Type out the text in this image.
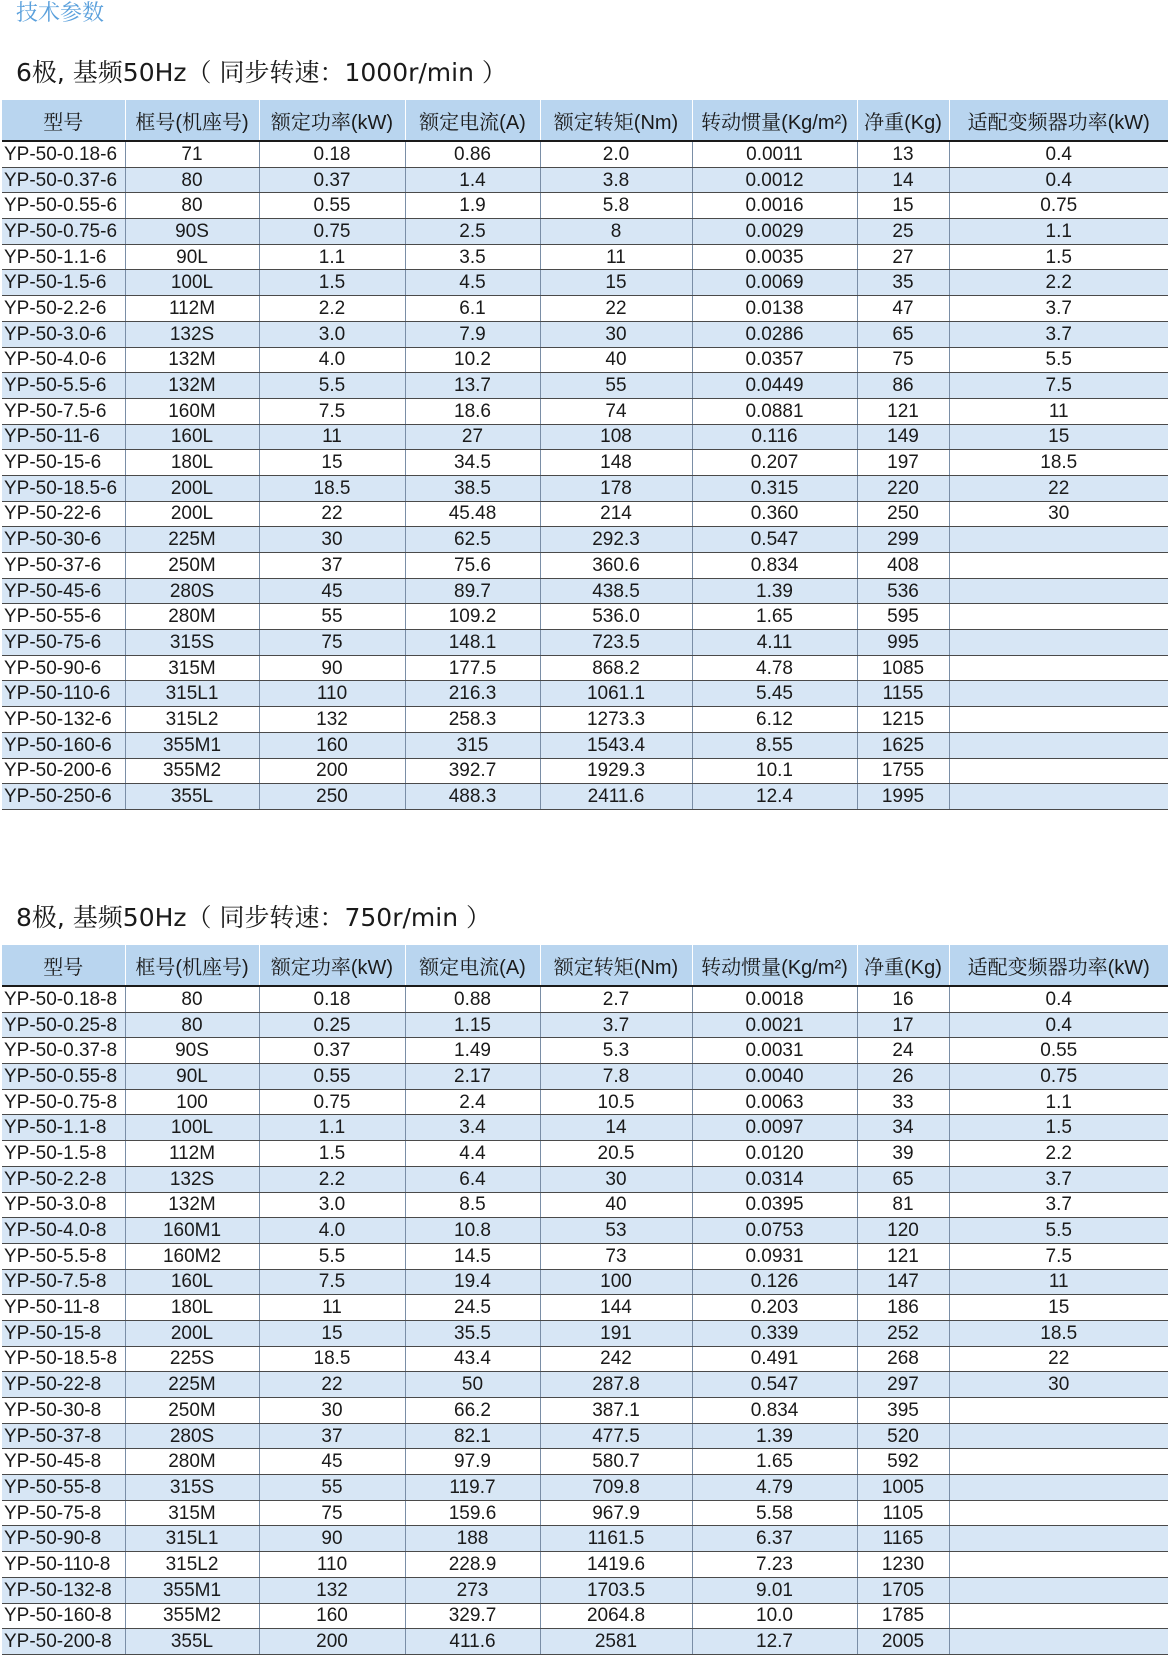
技术参数
6极, 基频50Hz（ 同步转速：1000r/min ）
型号	框号(机座号)	额定功率(kW)	额定电流(A)	额定转矩(Nm)	转动惯量(Kg/m²)	净重(Kg)	适配变频器功率(kW)
YP-50-0.18-6	71	0.18	0.86	2.0	0.0011	13	0.4
YP-50-0.37-6	80	0.37	1.4	3.8	0.0012	14	0.4
YP-50-0.55-6	80	0.55	1.9	5.8	0.0016	15	0.75
YP-50-0.75-6	90S	0.75	2.5	8	0.0029	25	1.1
YP-50-1.1-6	90L	1.1	3.5	11	0.0035	27	1.5
YP-50-1.5-6	100L	1.5	4.5	15	0.0069	35	2.2
YP-50-2.2-6	112M	2.2	6.1	22	0.0138	47	3.7
YP-50-3.0-6	132S	3.0	7.9	30	0.0286	65	3.7
YP-50-4.0-6	132M	4.0	10.2	40	0.0357	75	5.5
YP-50-5.5-6	132M	5.5	13.7	55	0.0449	86	7.5
YP-50-7.5-6	160M	7.5	18.6	74	0.0881	121	11
YP-50-11-6	160L	11	27	108	0.116	149	15
YP-50-15-6	180L	15	34.5	148	0.207	197	18.5
YP-50-18.5-6	200L	18.5	38.5	178	0.315	220	22
YP-50-22-6	200L	22	45.48	214	0.360	250	30
YP-50-30-6	225M	30	62.5	292.3	0.547	299	
YP-50-37-6	250M	37	75.6	360.6	0.834	408	
YP-50-45-6	280S	45	89.7	438.5	1.39	536	
YP-50-55-6	280M	55	109.2	536.0	1.65	595	
YP-50-75-6	315S	75	148.1	723.5	4.11	995	
YP-50-90-6	315M	90	177.5	868.2	4.78	1085	
YP-50-110-6	315L1	110	216.3	1061.1	5.45	1155	
YP-50-132-6	315L2	132	258.3	1273.3	6.12	1215	
YP-50-160-6	355M1	160	315	1543.4	8.55	1625	
YP-50-200-6	355M2	200	392.7	1929.3	10.1	1755	
YP-50-250-6	355L	250	488.3	2411.6	12.4	1995	
8极, 基频50Hz（ 同步转速：750r/min ）
型号	框号(机座号)	额定功率(kW)	额定电流(A)	额定转矩(Nm)	转动惯量(Kg/m²)	净重(Kg)	适配变频器功率(kW)
YP-50-0.18-8	80	0.18	0.88	2.7	0.0018	16	0.4
YP-50-0.25-8	80	0.25	1.15	3.7	0.0021	17	0.4
YP-50-0.37-8	90S	0.37	1.49	5.3	0.0031	24	0.55
YP-50-0.55-8	90L	0.55	2.17	7.8	0.0040	26	0.75
YP-50-0.75-8	100	0.75	2.4	10.5	0.0063	33	1.1
YP-50-1.1-8	100L	1.1	3.4	14	0.0097	34	1.5
YP-50-1.5-8	112M	1.5	4.4	20.5	0.0120	39	2.2
YP-50-2.2-8	132S	2.2	6.4	30	0.0314	65	3.7
YP-50-3.0-8	132M	3.0	8.5	40	0.0395	81	3.7
YP-50-4.0-8	160M1	4.0	10.8	53	0.0753	120	5.5
YP-50-5.5-8	160M2	5.5	14.5	73	0.0931	121	7.5
YP-50-7.5-8	160L	7.5	19.4	100	0.126	147	11
YP-50-11-8	180L	11	24.5	144	0.203	186	15
YP-50-15-8	200L	15	35.5	191	0.339	252	18.5
YP-50-18.5-8	225S	18.5	43.4	242	0.491	268	22
YP-50-22-8	225M	22	50	287.8	0.547	297	30
YP-50-30-8	250M	30	66.2	387.1	0.834	395	
YP-50-37-8	280S	37	82.1	477.5	1.39	520	
YP-50-45-8	280M	45	97.9	580.7	1.65	592	
YP-50-55-8	315S	55	119.7	709.8	4.79	1005	
YP-50-75-8	315M	75	159.6	967.9	5.58	1105	
YP-50-90-8	315L1	90	188	1161.5	6.37	1165	
YP-50-110-8	315L2	110	228.9	1419.6	7.23	1230	
YP-50-132-8	355M1	132	273	1703.5	9.01	1705	
YP-50-160-8	355M2	160	329.7	2064.8	10.0	1785	
YP-50-200-8	355L	200	411.6	2581	12.7	2005	
